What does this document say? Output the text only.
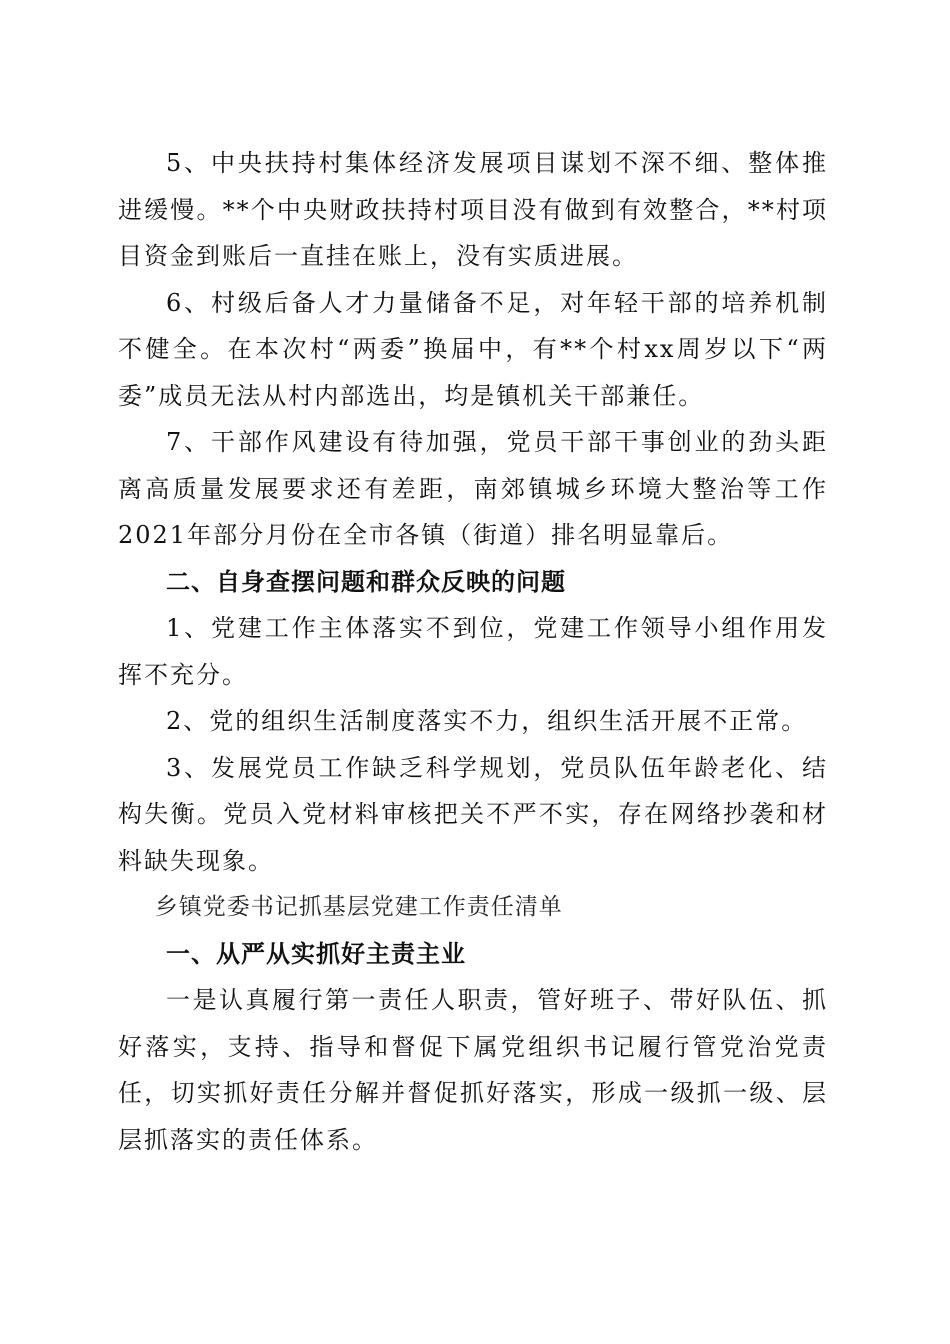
5、中央扶持村集体经济发展项目谋划不深不细、整体推进缓慢。**个中央财政扶持村项目没有做到有效整合，**村项目资金到账后一直挂在账上，没有实质进展。

6、村级后备人才力量储备不足，对年轻干部的培养机制不健全。在本次村“两委”换届中，有**个村xx周岁以下“两委”成员无法从村内部选出，均是镇机关干部兼任。

7、干部作风建设有待加强，党员干部干事创业的劲头距离高质量发展要求还有差距，南郊镇城乡环境大整治等工作2021年部分月份在全市各镇（街道）排名明显靠后。

二、自身查摆问题和群众反映的问题

1、党建工作主体落实不到位，党建工作领导小组作用发挥不充分。

2、党的组织生活制度落实不力，组织生活开展不正常。

3、发展党员工作缺乏科学规划，党员队伍年龄老化、结构失衡。党员入党材料审核把关不严不实，存在网络抄袭和材料缺失现象。

乡镇党委书记抓基层党建工作责任清单

一、从严从实抓好主责主业

一是认真履行第一责任人职责，管好班子、带好队伍、抓好落实，支持、指导和督促下属党组织书记履行管党治党责任，切实抓好责任分解并督促抓好落实，形成一级抓一级、层层抓落实的责任体系。
